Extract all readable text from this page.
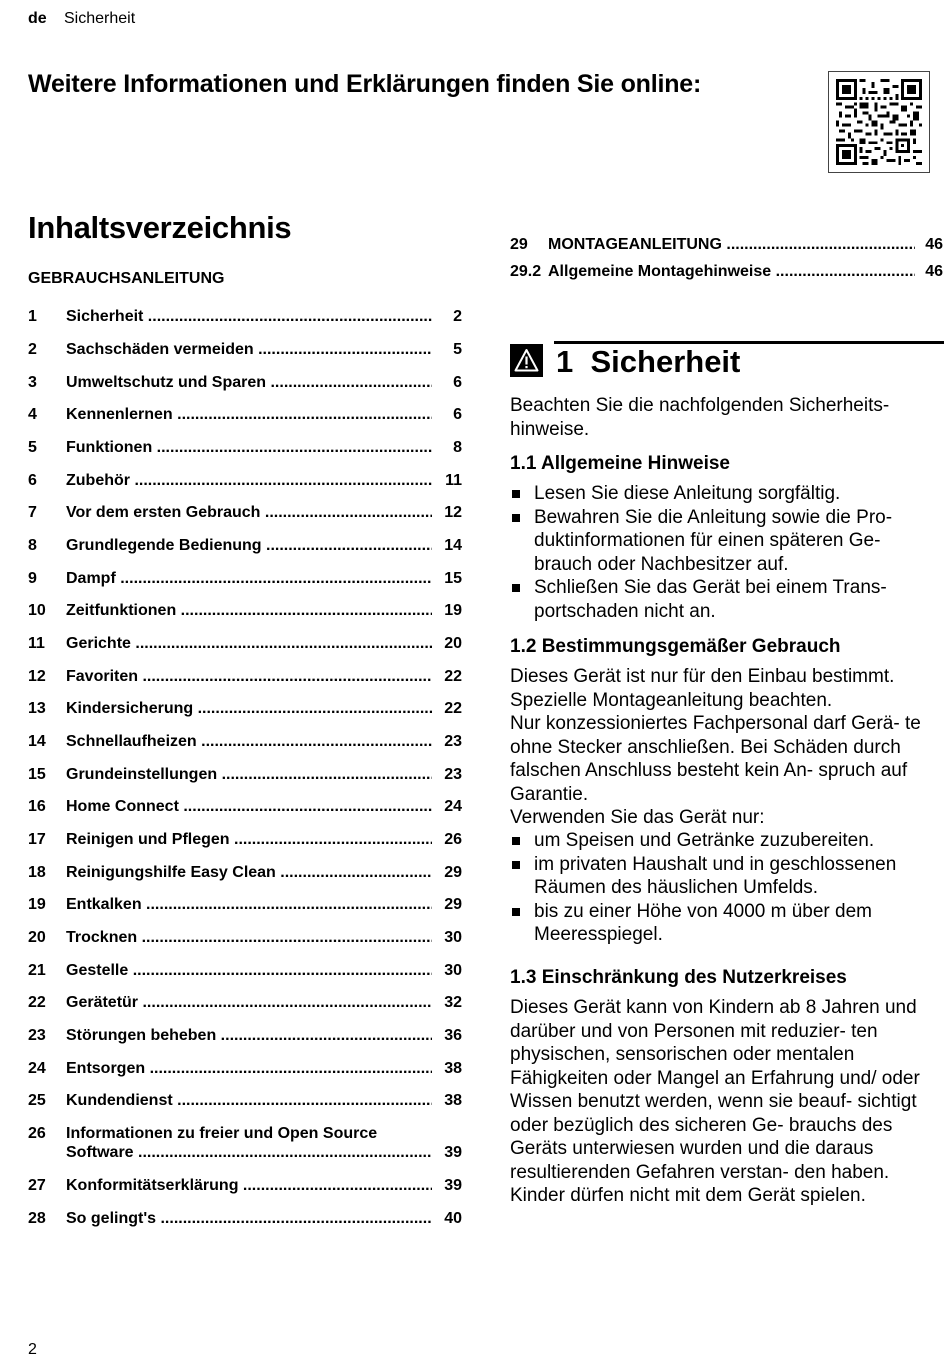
de Sicherheit
Weitere Informationen und Erklärungen finden Sie online:
Inhaltsverzeichnis
GEBRAUCHSANLEITUNG
1 Sicherheit .....	2
2 Sachschäden vermeiden .....	5
3 Umweltschutz und Sparen .....	6
4 Kennenlernen .....	6
5 Funktionen .....	8
6 Zubehör .....	11
7 Vor dem ersten Gebrauch .....	12
8 Grundlegende Bedienung .....	14
9 Dampf .....	15
10 Zeitfunktionen .....	19
11 Gerichte .....	20
12 Favoriten .....	22
13 Kindersicherung .....	22
14 Schnellaufheizen .....	23
15 Grundeinstellungen .....	23
16 Home Connect .....	24
17 Reinigen und Pflegen .....	26
18 Reinigungshilfe Easy Clean .....	29
19 Entkalken .....	29
20 Trocknen .....	30
21 Gestelle .....	30
22 Gerätetür .....	32
23 Störungen beheben .....	36
24 Entsorgen .....	38
25 Kundendienst .....	38
26 Informationen zu freier und Open Source
Software .....	39
27 Konformitätserklärung .....	39
28 So gelingt's .....	40
29 MONTAGEANLEITUNG .....	46
29.2 Allgemeine Montagehinweise .....	46
1 Sicherheit

Beachten Sie die nachfolgenden Sicherheits-

hinweise.

1.1 Allgemeine Hinweise
Lesen Sie diese Anleitung sorgfältig.
Bewahren Sie die Anleitung sowie die Pro- duktinformationen für einen späteren Ge- brauch oder Nachbesitzer auf.
Schließen Sie das Gerät bei einem Trans- portschaden nicht an.
1.2 Bestimmungsgemäßer Gebrauch

Dieses Gerät ist nur für den Einbau bestimmt. Spezielle Montageanleitung beachten.

Nur konzessioniertes Fachpersonal darf Gerä- te ohne Stecker anschließen. Bei Schäden durch falschen Anschluss besteht kein An- spruch auf Garantie.

Verwenden Sie das Gerät nur:

um Speisen und Getränke zuzubereiten.
im privaten Haushalt und in geschlossenen Räumen des häuslichen Umfelds.
bis zu einer Höhe von 4000 m über dem Meeresspiegel.
1.3 Einschränkung des Nutzerkreises

Dieses Gerät kann von Kindern ab 8 Jahren und darüber und von Personen mit reduzier- ten physischen, sensorischen oder mentalen Fähigkeiten oder Mangel an Erfahrung und/ oder Wissen benutzt werden, wenn sie beauf- sichtigt oder bezüglich des sicheren Ge- brauchs des Geräts unterwiesen wurden und die daraus resultierenden Gefahren verstan- den haben.

Kinder dürfen nicht mit dem Gerät spielen.

2
